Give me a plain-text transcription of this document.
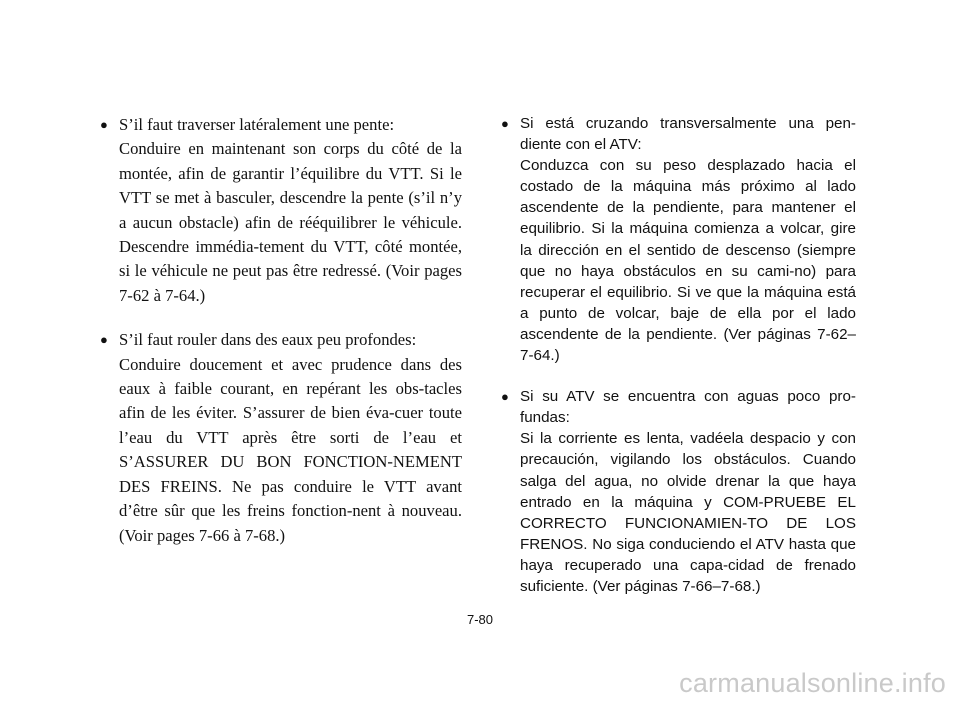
● S’il faut traverser latéralement une pente:
Conduire en maintenant son corps du côté de la montée, afin de garantir l’équilibre du VTT. Si le VTT se met à basculer, descendre la pente (s’il n’y a aucun obstacle) afin de rééquilibrer le véhicule. Descendre immédia-tement du VTT, côté montée, si le véhicule ne peut pas être redressé. (Voir pages 7-62 à 7-64.)
● S’il faut rouler dans des eaux peu profondes:
Conduire doucement et avec prudence dans des eaux à faible courant, en repérant les obs-tacles afin de les éviter. S’assurer de bien éva-cuer toute l’eau du VTT après être sorti de l’eau et S’ASSURER DU BON FONCTION-NEMENT DES FREINS. Ne pas conduire le VTT avant d’être sûr que les freins fonction-nent à nouveau. (Voir pages 7-66 à 7-68.)
● Si está cruzando transversalmente una pen-diente con el ATV:
Conduzca con su peso desplazado hacia el costado de la máquina más próximo al lado ascendente de la pendiente, para mantener el equilibrio. Si la máquina comienza a volcar, gire la dirección en el sentido de descenso (siempre que no haya obstáculos en su cami-no) para recuperar el equilibrio. Si ve que la máquina está a punto de volcar, baje de ella por el lado ascendente de la pendiente. (Ver páginas 7-62–7-64.)
● Si su ATV se encuentra con aguas poco pro-fundas:
Si la corriente es lenta, vadéela despacio y con precaución, vigilando los obstáculos. Cuando salga del agua, no olvide drenar la que haya entrado en la máquina y COM-PRUEBE EL CORRECTO FUNCIONAMIEN-TO DE LOS FRENOS. No siga conduciendo el ATV hasta que haya recuperado una capa-cidad de frenado suficiente. (Ver páginas 7-66–7-68.)
7-80
carmanualsonline.info
